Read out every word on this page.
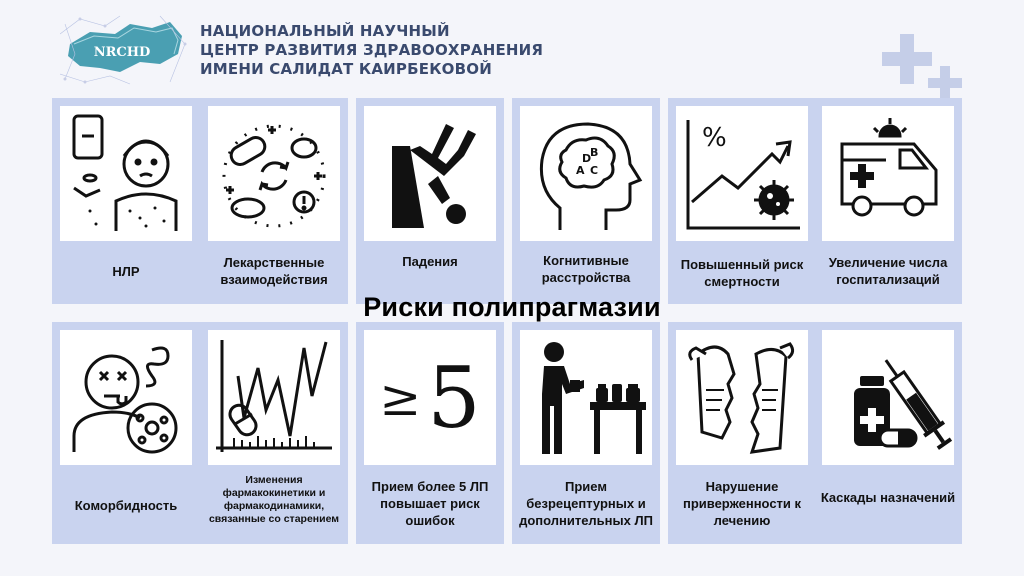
NRCHD
НАЦИОНАЛЬНЫЙ НАУЧНЫЙ
ЦЕНТР РАЗВИТИЯ ЗДРАВООХРАНЕНИЯ
ИМЕНИ САЛИДАТ КАИРБЕКОВОЙ
НЛР
Лекарственные взаимодействия
Падения
D
B
A C
Когнитивные расстройства
%
Повышенный риск смертности
Увеличение числа госпитализаций
Риски полипрагмазии
Коморбидность
Изменения фармакокинетики и фармакодинамики, связанные со старением
≥ 5
Прием более 5 ЛП повышает риск ошибок
Прием безрецептурных и дополнительных ЛП
Нарушение приверженности к лечению
Каскады назначений
